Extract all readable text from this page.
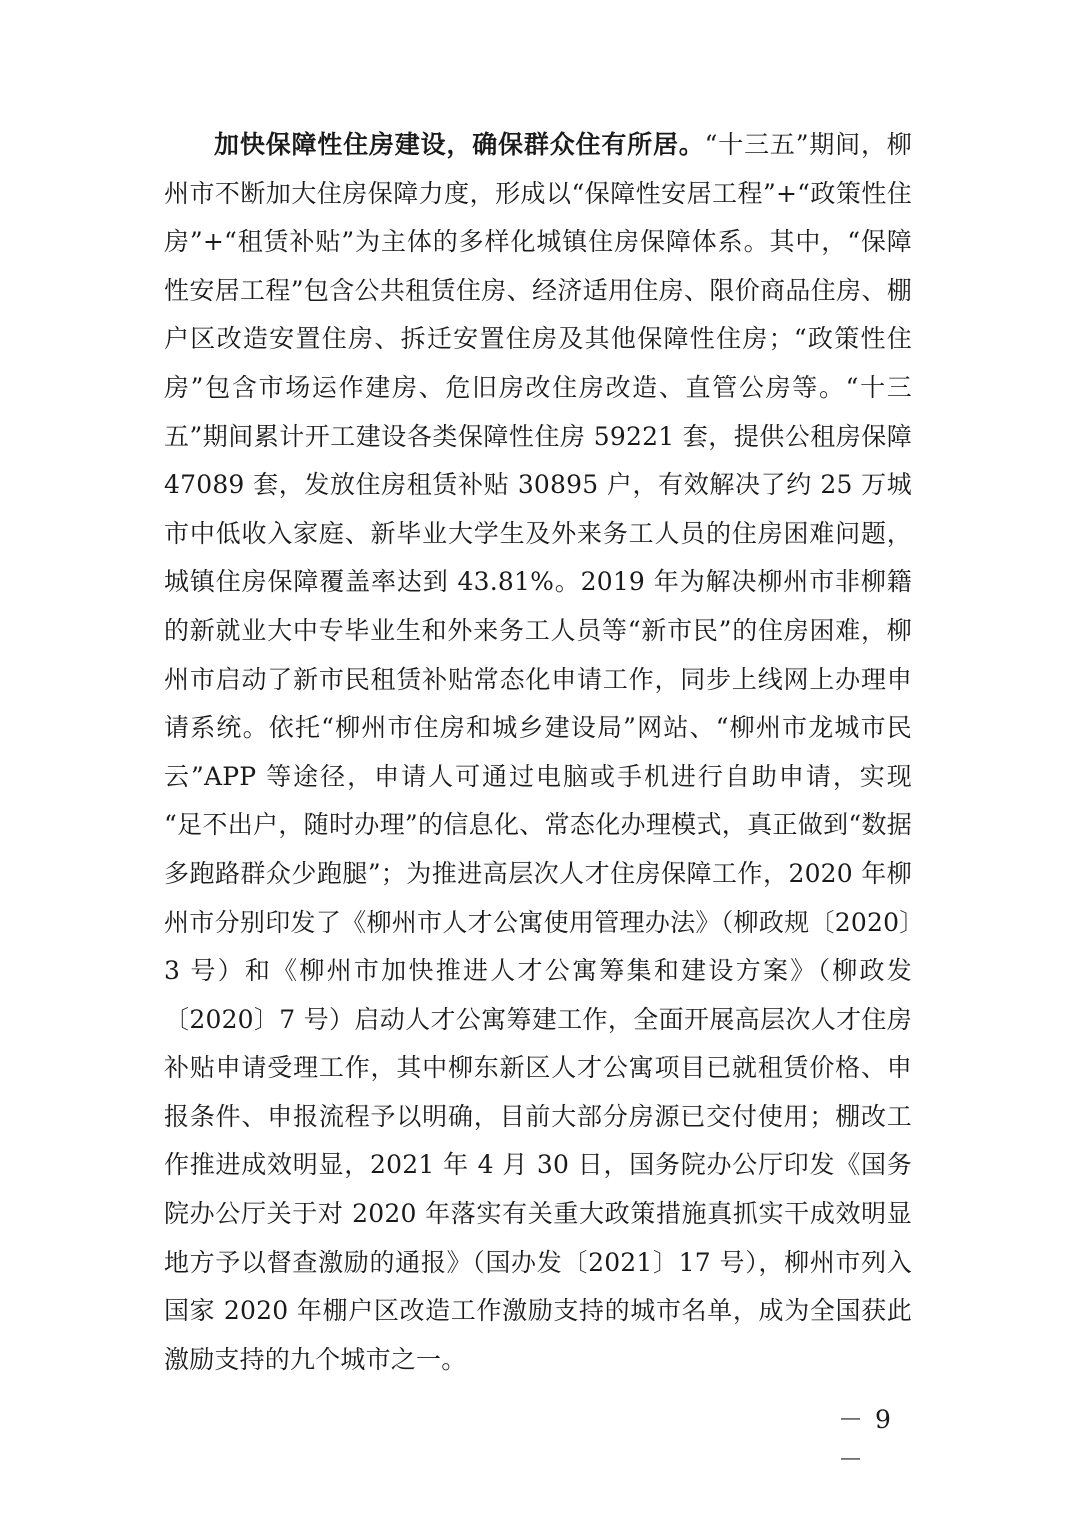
加快保障性住房建设，确保群众住有所居。“十三五”期间，柳州市不断加大住房保障力度，形成以“保障性安居工程”+“政策性住房”+“租赁补贴”为主体的多样化城镇住房保障体系。其中，“保障性安居工程”包含公共租赁住房、经济适用住房、限价商品住房、棚户区改造安置住房、拆迁安置住房及其他保障性住房；“政策性住房”包含市场运作建房、危旧房改住房改造、直管公房等。“十三五”期间累计开工建设各类保障性住房 59221 套，提供公租房保障 47089 套，发放住房租赁补贴 30895 户，有效解决了约 25 万城市中低收入家庭、新毕业大学生及外来务工人员的住房困难问题，城镇住房保障覆盖率达到 43.81%。2019 年为解决柳州市非柳籍的新就业大中专毕业生和外来务工人员等“新市民”的住房困难，柳州市启动了新市民租赁补贴常态化申请工作，同步上线网上办理申请系统。依托“柳州市住房和城乡建设局”网站、“柳州市龙城市民云”APP 等途径，申请人可通过电脑或手机进行自助申请，实现 “足不出户，随时办理”的信息化、常态化办理模式，真正做到“数据多跑路群众少跑腿”；为推进高层次人才住房保障工作，2020 年柳州市分别印发了《柳州市人才公寓使用管理办法》（柳政规〔2020〕3 号）和《柳州市加快推进人才公寓筹集和建设方案》（柳政发〔2020〕7 号）启动人才公寓筹建工作，全面开展高层次人才住房补贴申请受理工作，其中柳东新区人才公寓项目已就租赁价格、申报条件、申报流程予以明确，目前大部分房源已交付使用；棚改工作推进成效明显，2021 年 4 月 30 日，国务院办公厅印发《国务院办公厅关于对 2020 年落实有关重大政策措施真抓实干成效明显地方予以督查激励的通报》（国办发〔2021〕17 号），柳州市列入国家 2020 年棚户区改造工作激励支持的城市名单，成为全国获此激励支持的九个城市之一。

－ 9 －
